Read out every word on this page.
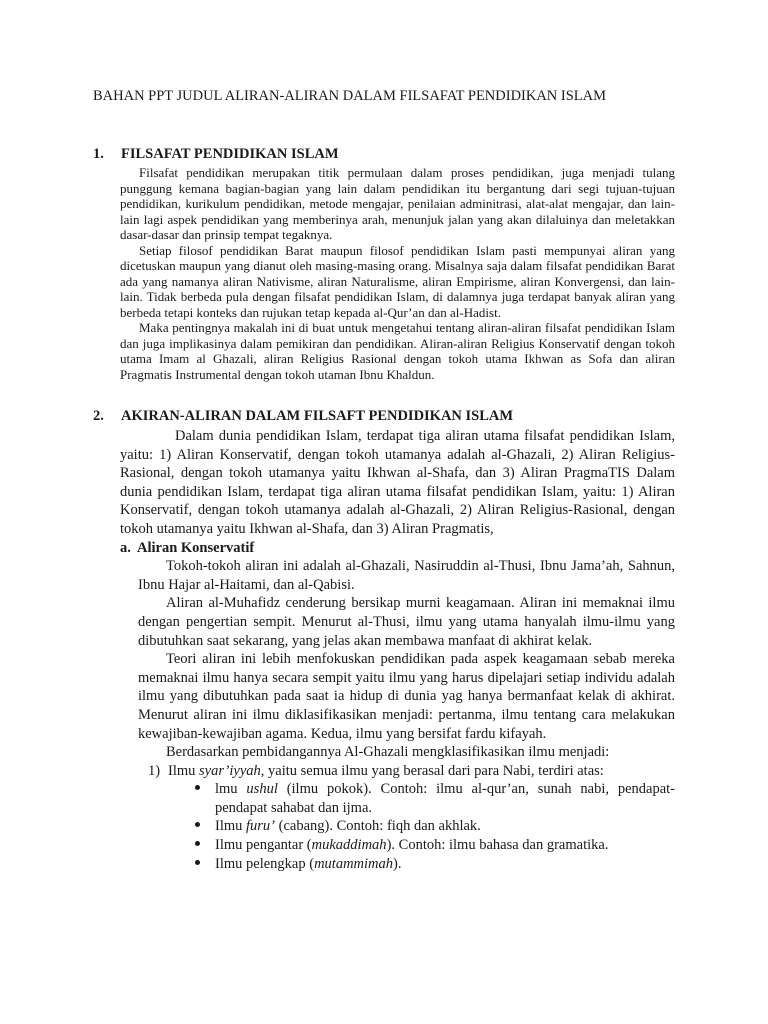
BAHAN PPT JUDUL ALIRAN-ALIRAN DALAM FILSAFAT PENDIDIKAN ISLAM
1.	FILSAFAT PENDIDIKAN ISLAM

Filsafat pendidikan merupakan titik permulaan dalam proses pendidikan, juga menjadi tulang punggung kemana bagian-bagian yang lain dalam pendidikan itu bergantung dari segi tujuan-tujuan pendidikan, kurikulum pendidikan, metode mengajar, penilaian adminitrasi, alat-alat mengajar, dan lain-lain lagi aspek pendidikan yang memberinya arah, menunjuk jalan yang akan dilaluinya dan meletakkan dasar-dasar dan prinsip tempat tegaknya.

Setiap filosof pendidikan Barat maupun filosof pendidikan Islam pasti mempunyai aliran yang dicetuskan maupun yang dianut oleh masing-masing orang. Misalnya saja dalam filsafat pendidikan Barat ada yang namanya aliran Nativisme, aliran Naturalisme, aliran Empirisme, aliran Konvergensi, dan lain-lain. Tidak berbeda pula dengan filsafat pendidikan Islam, di dalamnya juga terdapat banyak aliran yang berbeda tetapi konteks dan rujukan tetap kepada al-Qur’an dan al-Hadist.

Maka pentingnya makalah ini di buat untuk mengetahui tentang aliran-aliran filsafat pendidikan Islam dan juga implikasinya dalam pemikiran dan pendidikan. Aliran-aliran Religius Konservatif dengan tokoh utama Imam al Ghazali, aliran Religius Rasional dengan tokoh utama Ikhwan as Sofa dan aliran Pragmatis Instrumental dengan tokoh utaman Ibnu Khaldun.

2.	AKIRAN-ALIRAN DALAM FILSAFT PENDIDIKAN ISLAM

Dalam dunia pendidikan Islam, terdapat tiga aliran utama filsafat pendidikan Islam, yaitu: 1) Aliran Konservatif, dengan tokoh utamanya adalah al-Ghazali, 2) Aliran Religius-Rasional, dengan tokoh utamanya yaitu Ikhwan al-Shafa, dan 3) Aliran PragmaTIS Dalam dunia pendidikan Islam, terdapat tiga aliran utama filsafat pendidikan Islam, yaitu: 1) Aliran Konservatif, dengan tokoh utamanya adalah al-Ghazali, 2) Aliran Religius-Rasional, dengan tokoh utamanya yaitu Ikhwan al-Shafa, dan 3) Aliran Pragmatis,

a. Aliran Konservatif

Tokoh-tokoh aliran ini adalah al-Ghazali, Nasiruddin al-Thusi, Ibnu Jama’ah, Sahnun, Ibnu Hajar al-Haitami, dan al-Qabisi.

Aliran al-Muhafidz cenderung bersikap murni keagamaan. Aliran ini memaknai ilmu dengan pengertian sempit. Menurut al-Thusi, ilmu yang utama hanyalah ilmu-ilmu yang dibutuhkan saat sekarang, yang jelas akan membawa manfaat di akhirat kelak.

Teori aliran ini lebih menfokuskan pendidikan pada aspek keagamaan sebab mereka memaknai ilmu hanya secara sempit yaitu ilmu yang harus dipelajari setiap individu adalah ilmu yang dibutuhkan pada saat ia hidup di dunia yag hanya bermanfaat kelak di akhirat. Menurut aliran ini ilmu diklasifikasikan menjadi: pertanma, ilmu tentang cara melakukan kewajiban-kewajiban agama. Kedua, ilmu yang bersifat fardu kifayah.

Berdasarkan pembidangannya Al-Ghazali mengklasifikasikan ilmu menjadi:

1) Ilmu syar’iyyah, yaitu semua ilmu yang berasal dari para Nabi, terdiri atas:
lmu ushul (ilmu pokok). Contoh: ilmu al-qur’an, sunah nabi, pendapat-pendapat sahabat dan ijma.
Ilmu furu’ (cabang). Contoh: fiqh dan akhlak.
Ilmu pengantar (mukaddimah). Contoh: ilmu bahasa dan gramatika.
Ilmu pelengkap (mutammimah).
